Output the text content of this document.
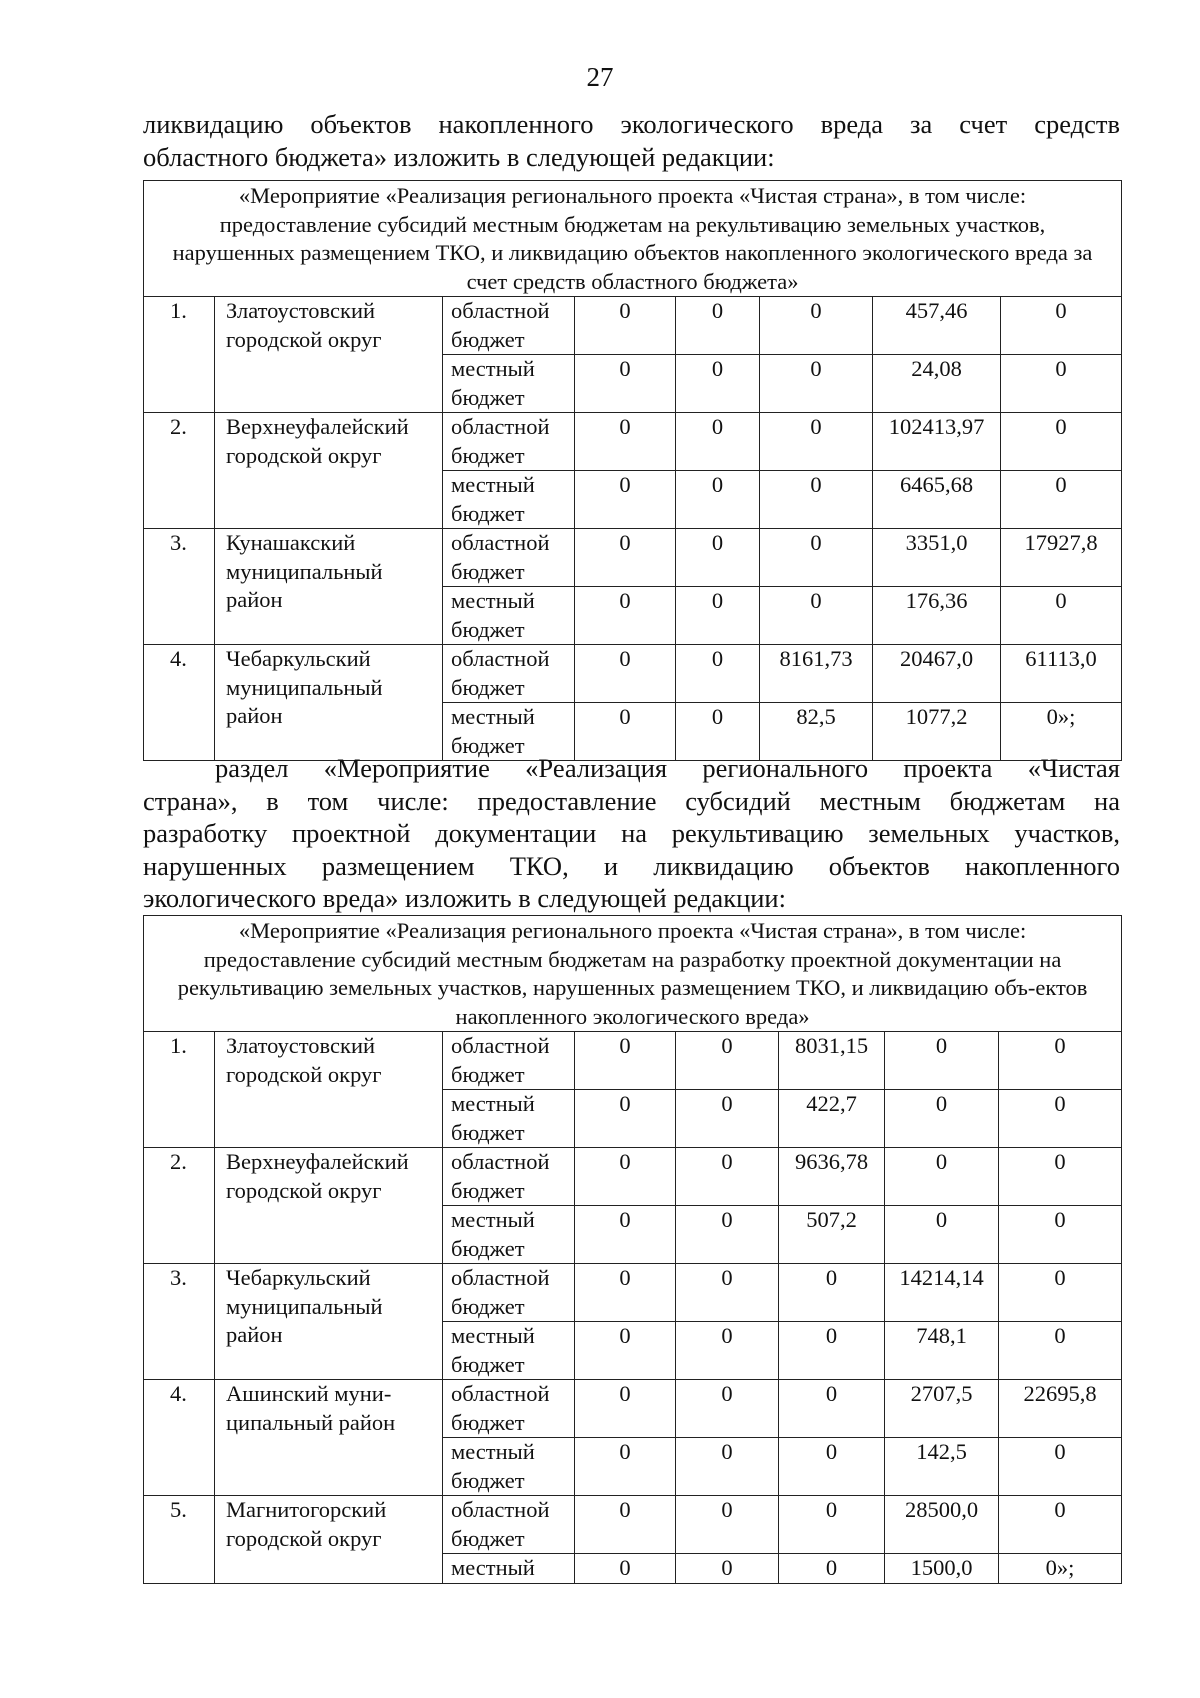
27

ликвидацию объектов накопленного экологического вреда за счет средств
областного бюджета» изложить в следующей редакции:

«Мероприятие «Реализация регионального проекта «Чистая страна», в том числе: предоставление субсидий местным бюджетам на рекультивацию земельных участков, нарушенных размещением ТКО, и ликвидацию объектов накопленного экологического вреда за счет средств областного бюджета»							
1.	Златоустовский городской округ	областной бюджет	0	0	0	457,46	0
		местный бюджет	0	0	0	24,08	0
2.	Верхнеуфалейский городской округ	областной бюджет	0	0	0	102413,97	0
		местный бюджет	0	0	0	6465,68	0
3.	Кунашакский муниципальный район	областной бюджет	0	0	0	3351,0	17927,8
		местный бюджет	0	0	0	176,36	0
4.	Чебаркульский муниципальный район	областной бюджет	0	0	8161,73	20467,0	61113,0
		местный бюджет	0	0	82,5	1077,2	0»;

раздел «Мероприятие «Реализация регионального проекта «Чистая
страна», в том числе: предоставление субсидий местным бюджетам на
разработку проектной документации на рекультивацию земельных участков,
нарушенных размещением ТКО, и ликвидацию объектов накопленного
экологического вреда» изложить в следующей редакции:

«Мероприятие «Реализация регионального проекта «Чистая страна», в том числе: предоставление субсидий местным бюджетам на разработку проектной документации на рекультивацию земельных участков, нарушенных размещением ТКО, и ликвидацию объ-ектов накопленного экологического вреда»							
1.	Златоустовский городской округ	областной бюджет	0	0	8031,15	0	0
		местный бюджет	0	0	422,7	0	0
2.	Верхнеуфалейский городской округ	областной бюджет	0	0	9636,78	0	0
		местный бюджет	0	0	507,2	0	0
3.	Чебаркульский муниципальный район	областной бюджет	0	0	0	14214,14	0
		местный бюджет	0	0	0	748,1	0
4.	Ашинский муни-ципальный район	областной бюджет	0	0	0	2707,5	22695,8
		местный бюджет	0	0	0	142,5	0
5.	Магнитогорский городской округ	областной бюджет	0	0	0	28500,0	0
		местный	0	0	0	1500,0	0»;
